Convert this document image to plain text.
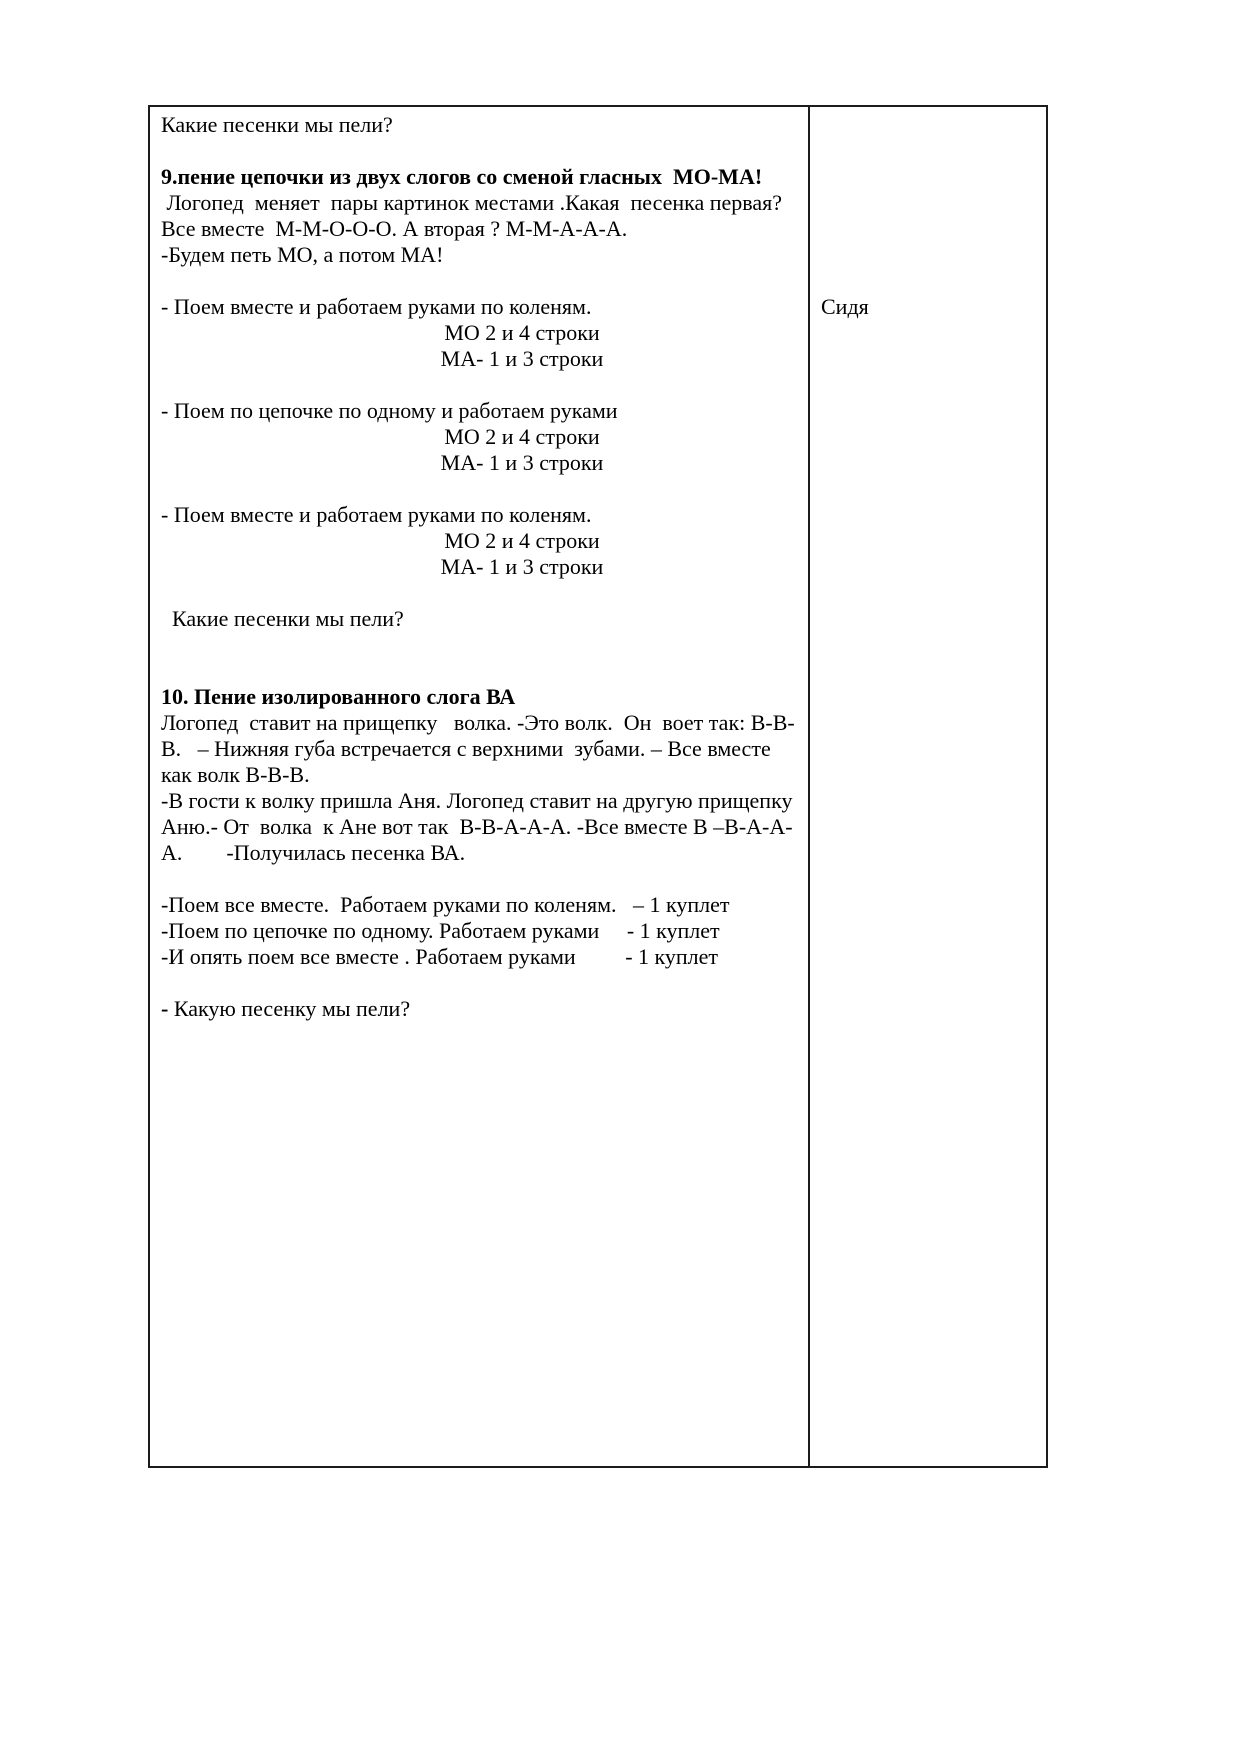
Какие песенки мы пели?

9.пение цепочки из двух слогов со сменой гласных  МО-МА!
Логопед  меняет  пары картинок местами .Какая  песенка первая? Все вместе  М-М-О-О-О. А вторая ? М-М-А-А-А.
-Будем петь МО, а потом МА!

- Поем вместе и работаем руками по коленям.
МО 2 и 4 строки
МА- 1 и 3 строки

- Поем по цепочке по одному и работаем руками
МО 2 и 4 строки
МА- 1 и 3 строки

- Поем вместе и работаем руками по коленям.
МО 2 и 4 строки
МА- 1 и 3 строки

Какие песенки мы пели?

10. Пение изолированного слога ВА
Логопед  ставит на прищепку   волка. -Это волк.  Он  воет так: В-В-В.   – Нижняя губа встречается с верхними  зубами. – Все вместе как волк В-В-В.
-В гости к волку пришла Аня. Логопед ставит на другую прищепку Аню.- От  волка  к Ане вот так  В-В-А-А-А. -Все вместе В –В-А-А-А.        -Получилась песенка ВА.

-Поем все вместе.  Работаем руками по коленям.   – 1 куплет
-Поем по цепочке по одному. Работаем руками     - 1 куплет
-И опять поем все вместе . Работаем руками         - 1 куплет

- Какую песенку мы пели?
Сидя
